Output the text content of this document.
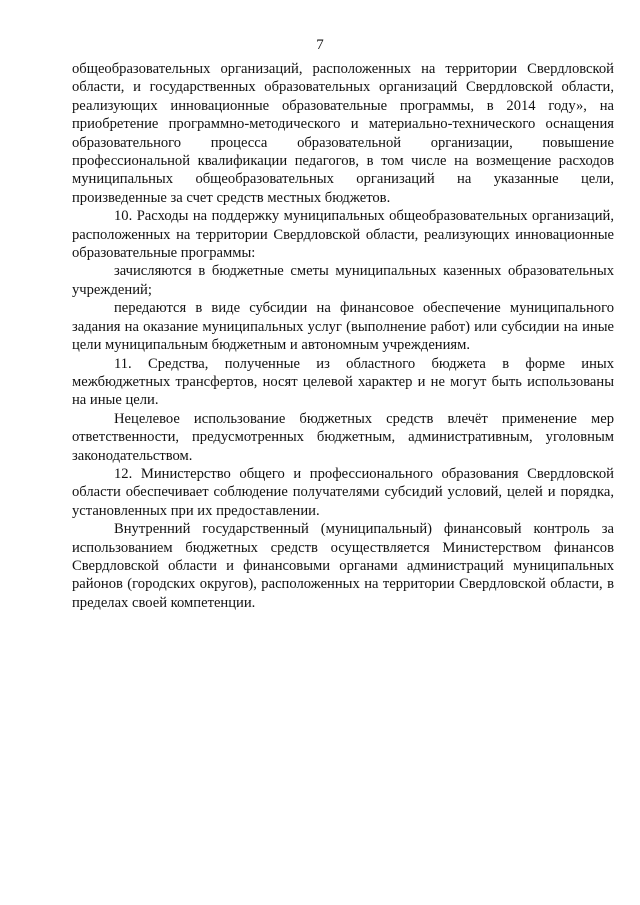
7

общеобразовательных организаций, расположенных на территории Свердловской области, и государственных образовательных организаций Свердловской области, реализующих инновационные образовательные программы, в 2014 году», на приобретение программно-методического и материально-технического оснащения образовательного процесса образовательной организации, повышение профессиональной квалификации педагогов, в том числе на возмещение расходов муниципальных общеобразовательных организаций на указанные цели, произведенные за счет средств местных бюджетов.

10. Расходы на поддержку муниципальных общеобразовательных организаций, расположенных на территории Свердловской области, реализующих инновационные образовательные программы:

зачисляются в бюджетные сметы муниципальных казенных образовательных учреждений;

передаются в виде субсидии на финансовое обеспечение муниципального задания на оказание муниципальных услуг (выполнение работ) или субсидии на иные цели муниципальным бюджетным и автономным учреждениям.

11. Средства, полученные из областного бюджета в форме иных межбюджетных трансфертов, носят целевой характер и не могут быть использованы на иные цели.

Нецелевое использование бюджетных средств влечёт применение мер ответственности, предусмотренных бюджетным, административным, уголовным законодательством.

12. Министерство общего и профессионального образования Свердловской области обеспечивает соблюдение получателями субсидий условий, целей и порядка, установленных при их предоставлении.

Внутренний государственный (муниципальный) финансовый контроль за использованием бюджетных средств осуществляется Министерством финансов Свердловской области и финансовыми органами администраций муниципальных районов (городских округов), расположенных на территории Свердловской области, в пределах своей компетенции.
